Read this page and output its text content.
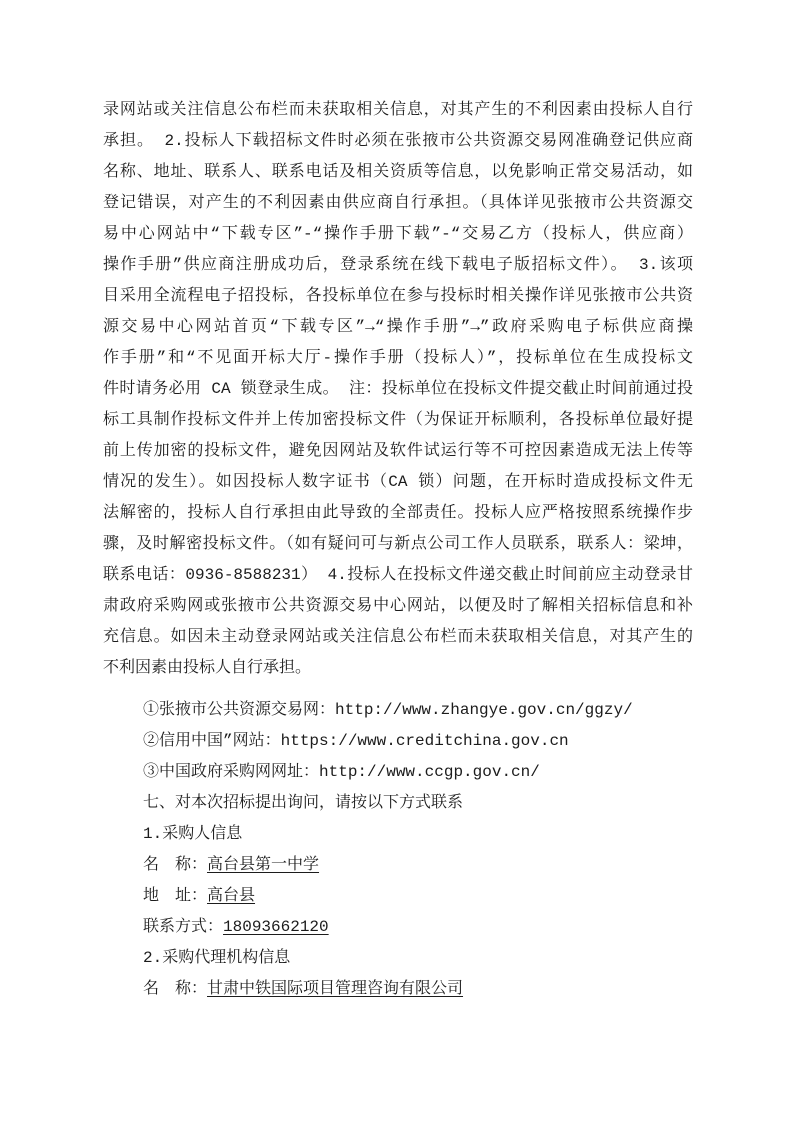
录网站或关注信息公布栏而未获取相关信息，对其产生的不利因素由投标人自行
承担。 2.投标人下载招标文件时必须在张掖市公共资源交易网准确登记供应商
名称、地址、联系人、联系电话及相关资质等信息，以免影响正常交易活动，如
登记错误，对产生的不利因素由供应商自行承担。（具体详见张掖市公共资源交
易中心网站中“下载专区”-“操作手册下载”-“交易乙方（投标人，供应商）
操作手册”供应商注册成功后，登录系统在线下载电子版招标文件）。 3.该项
目采用全流程电子招投标，各投标单位在参与投标时相关操作详见张掖市公共资
源交易中心网站首页“下载专区”→“操作手册”→”政府采购电子标供应商操
作手册”和“不见面开标大厅-操作手册（投标人）”，投标单位在生成投标文
件时请务必用 CA 锁登录生成。 注：投标单位在投标文件提交截止时间前通过投
标工具制作投标文件并上传加密投标文件（为保证开标顺利，各投标单位最好提
前上传加密的投标文件，避免因网站及软件试运行等不可控因素造成无法上传等
情况的发生）。如因投标人数字证书（CA 锁）问题，在开标时造成投标文件无
法解密的，投标人自行承担由此导致的全部责任。投标人应严格按照系统操作步
骤，及时解密投标文件。（如有疑问可与新点公司工作人员联系，联系人：梁坤，
联系电话：0936-8588231） 4.投标人在投标文件递交截止时间前应主动登录甘
肃政府采购网或张掖市公共资源交易中心网站，以便及时了解相关招标信息和补
充信息。如因未主动登录网站或关注信息公布栏而未获取相关信息，对其产生的
不利因素由投标人自行承担。
①张掖市公共资源交易网：http://www.zhangye.gov.cn/ggzy/
②信用中国”网站：https://www.creditchina.gov.cn
③中国政府采购网网址：http://www.ccgp.gov.cn/
七、对本次招标提出询问，请按以下方式联系
1.采购人信息
名　称：高台县第一中学
地　址：高台县
联系方式：18093662120
2.采购代理机构信息
名　称：甘肃中铁国际项目管理咨询有限公司
